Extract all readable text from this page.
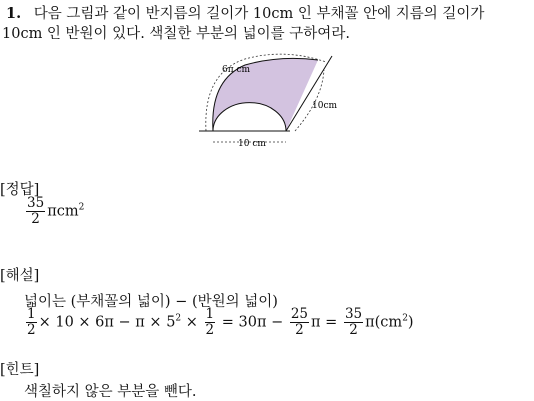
1. 다음 그림과 같이 반지름의 길이가 10cm 인 부채꼴 안에 지름의 길이가
10cm 인 반원이 있다. 색칠한 부분의 넓이를 구하여라.
6π cm
10cm
10 cm
[정답]
$\frac{35}{2} \pi cm^2$
[해설]
넓이는 (부채꼴의 넓이) − (반원의 넓이)
$\frac{1}{2} \times 10 \times 6\pi - \pi \times 5^2 \times \frac{1}{2} = 30\pi - \frac{25}{2}$ $\pi = \frac{35}{2} \pi(cm^2)$
[힌트]
색칠하지 않은 부분을 뺀다.
